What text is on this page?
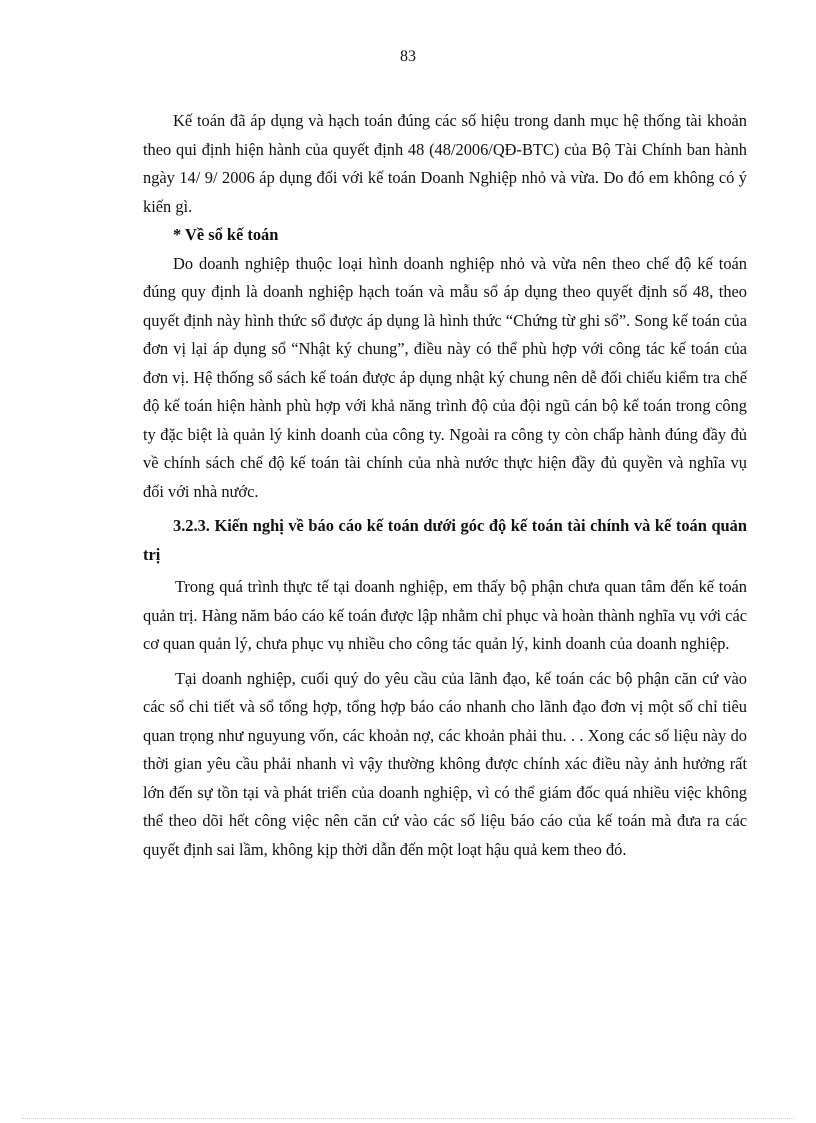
83

Kế toán đã áp dụng và hạch toán đúng các số hiệu trong danh mục hệ thống tài khoản theo qui định hiện hành của quyết định 48 (48/2006/QĐ-BTC) của Bộ Tài Chính ban hành ngày 14/ 9/ 2006 áp dụng đối với kế toán Doanh Nghiệp nhỏ và vừa. Do đó em không có ý kiến gì.

* Về sổ kế toán

Do doanh nghiệp thuộc loại hình doanh nghiệp nhỏ và vừa nên theo chế độ kế toán đúng quy định là doanh nghiệp hạch toán và mẫu sổ áp dụng theo quyết định số 48, theo quyết định này hình thức sổ được áp dụng là hình thức “Chứng từ ghi sổ”. Song kế toán của đơn vị lại áp dụng sổ “Nhật ký chung”, điều này có thể phù hợp với công tác kế toán của đơn vị. Hệ thống sổ sách kế toán được áp dụng nhật ký chung nên dễ đối chiếu kiểm tra chế độ kế toán hiện hành phù hợp với khả năng trình độ của đội ngũ cán bộ kế toán trong công ty đặc biệt là quản lý kinh doanh của công ty. Ngoài ra công ty còn chấp hành đúng đầy đủ về chính sách chế độ kế toán tài chính của nhà nước thực hiện đầy đủ quyền và nghĩa vụ đối với nhà nước.

3.2.3. Kiến nghị về báo cáo kế toán dưới góc độ kế toán tài chính và kế toán quản trị

Trong quá trình thực tế tại doanh nghiệp, em thấy bộ phận chưa quan tâm đến kế toán quản trị. Hàng năm báo cáo kế toán được lập nhằm chỉ phục và hoàn thành nghĩa vụ với các cơ quan quản lý, chưa phục vụ nhiều cho công tác quản lý, kinh doanh của doanh nghiệp.

Tại doanh nghiệp, cuối quý do yêu cầu của lãnh đạo, kế toán các bộ phận căn cứ vào các sổ chi tiết và sổ tổng hợp, tổng hợp báo cáo nhanh cho lãnh đạo đơn vị một số chỉ tiêu quan trọng như nguyung vốn, các khoản nợ, các khoản phải thu. . . Xong các số liệu này do thời gian yêu cầu phải nhanh vì vậy thường không được chính xác điều này ảnh hưởng rất lớn đến sự tồn tại và phát triển của doanh nghiệp, vì có thể giám đốc quá nhiều việc không thể theo dõi hết công việc nên căn cứ vào các số liệu báo cáo của kế toán mà đưa ra các quyết định sai lầm, không kịp thời dẫn đến một loạt hậu quả kem theo đó.
